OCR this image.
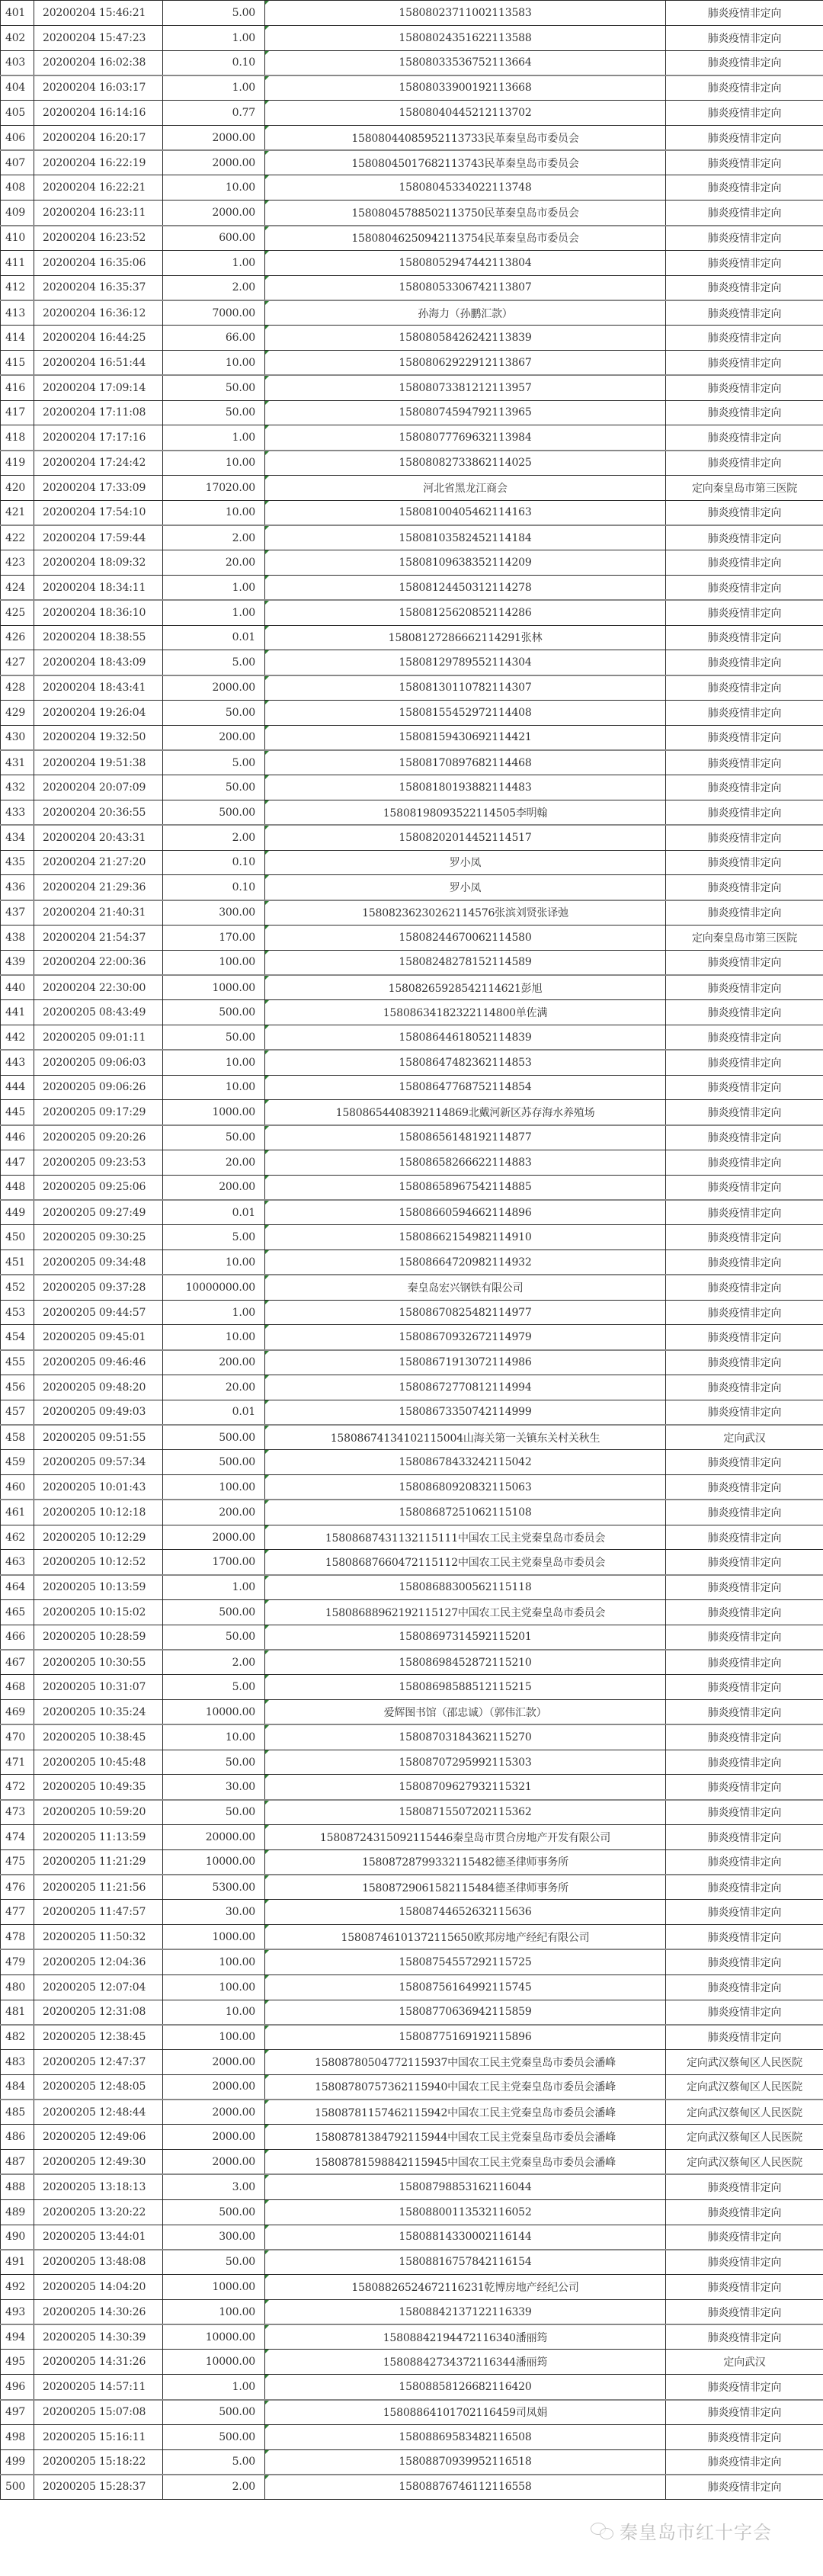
401	20200204 15:46:21	5.00	15808023711002113583	肺炎疫情非定向
402	20200204 15:47:23	1.00	15808024351622113588	肺炎疫情非定向
403	20200204 16:02:38	0.10	15808033536752113664	肺炎疫情非定向
404	20200204 16:03:17	1.00	15808033900192113668	肺炎疫情非定向
405	20200204 16:14:16	0.77	15808040445212113702	肺炎疫情非定向
406	20200204 16:20:17	2000.00	15808044085952113733民革秦皇岛市委员会	肺炎疫情非定向
407	20200204 16:22:19	2000.00	15808045017682113743民革秦皇岛市委员会	肺炎疫情非定向
408	20200204 16:22:21	10.00	15808045334022113748	肺炎疫情非定向
409	20200204 16:23:11	2000.00	15808045788502113750民革秦皇岛市委员会	肺炎疫情非定向
410	20200204 16:23:52	600.00	15808046250942113754民革秦皇岛市委员会	肺炎疫情非定向
411	20200204 16:35:06	1.00	15808052947442113804	肺炎疫情非定向
412	20200204 16:35:37	2.00	15808053306742113807	肺炎疫情非定向
413	20200204 16:36:12	7000.00	孙海力（孙鹏汇款）	肺炎疫情非定向
414	20200204 16:44:25	66.00	15808058426242113839	肺炎疫情非定向
415	20200204 16:51:44	10.00	15808062922912113867	肺炎疫情非定向
416	20200204 17:09:14	50.00	15808073381212113957	肺炎疫情非定向
417	20200204 17:11:08	50.00	15808074594792113965	肺炎疫情非定向
418	20200204 17:17:16	1.00	15808077769632113984	肺炎疫情非定向
419	20200204 17:24:42	10.00	15808082733862114025	肺炎疫情非定向
420	20200204 17:33:09	17020.00	河北省黑龙江商会	定向秦皇岛市第三医院
421	20200204 17:54:10	10.00	15808100405462114163	肺炎疫情非定向
422	20200204 17:59:44	2.00	15808103582452114184	肺炎疫情非定向
423	20200204 18:09:32	20.00	15808109638352114209	肺炎疫情非定向
424	20200204 18:34:11	1.00	15808124450312114278	肺炎疫情非定向
425	20200204 18:36:10	1.00	15808125620852114286	肺炎疫情非定向
426	20200204 18:38:55	0.01	15808127286662114291张林	肺炎疫情非定向
427	20200204 18:43:09	5.00	15808129789552114304	肺炎疫情非定向
428	20200204 18:43:41	2000.00	15808130110782114307	肺炎疫情非定向
429	20200204 19:26:04	50.00	15808155452972114408	肺炎疫情非定向
430	20200204 19:32:50	200.00	15808159430692114421	肺炎疫情非定向
431	20200204 19:51:38	5.00	15808170897682114468	肺炎疫情非定向
432	20200204 20:07:09	50.00	15808180193882114483	肺炎疫情非定向
433	20200204 20:36:55	500.00	15808198093522114505李明翰	肺炎疫情非定向
434	20200204 20:43:31	2.00	15808202014452114517	肺炎疫情非定向
435	20200204 21:27:20	0.10	罗小凤	肺炎疫情非定向
436	20200204 21:29:36	0.10	罗小凤	肺炎疫情非定向
437	20200204 21:40:31	300.00	15808236230262114576张滨刘贤张译弛	肺炎疫情非定向
438	20200204 21:54:37	170.00	15808244670062114580	定向秦皇岛市第三医院
439	20200204 22:00:36	100.00	15808248278152114589	肺炎疫情非定向
440	20200204 22:30:00	1000.00	15808265928542114621彭旭	肺炎疫情非定向
441	20200205 08:43:49	500.00	15808634182322114800单佐满	肺炎疫情非定向
442	20200205 09:01:11	50.00	15808644618052114839	肺炎疫情非定向
443	20200205 09:06:03	10.00	15808647482362114853	肺炎疫情非定向
444	20200205 09:06:26	10.00	15808647768752114854	肺炎疫情非定向
445	20200205 09:17:29	1000.00	15808654408392114869北戴河新区苏存海水养殖场	肺炎疫情非定向
446	20200205 09:20:26	50.00	15808656148192114877	肺炎疫情非定向
447	20200205 09:23:53	20.00	15808658266622114883	肺炎疫情非定向
448	20200205 09:25:06	200.00	15808658967542114885	肺炎疫情非定向
449	20200205 09:27:49	0.01	15808660594662114896	肺炎疫情非定向
450	20200205 09:30:25	5.00	15808662154982114910	肺炎疫情非定向
451	20200205 09:34:48	10.00	15808664720982114932	肺炎疫情非定向
452	20200205 09:37:28	10000000.00	秦皇岛宏兴钢铁有限公司	肺炎疫情非定向
453	20200205 09:44:57	1.00	15808670825482114977	肺炎疫情非定向
454	20200205 09:45:01	10.00	15808670932672114979	肺炎疫情非定向
455	20200205 09:46:46	200.00	15808671913072114986	肺炎疫情非定向
456	20200205 09:48:20	20.00	15808672770812114994	肺炎疫情非定向
457	20200205 09:49:03	0.01	15808673350742114999	肺炎疫情非定向
458	20200205 09:51:55	500.00	15808674134102115004山海关第一关镇东关村关秋生	定向武汉
459	20200205 09:57:34	500.00	15808678433242115042	肺炎疫情非定向
460	20200205 10:01:43	100.00	15808680920832115063	肺炎疫情非定向
461	20200205 10:12:18	200.00	15808687251062115108	肺炎疫情非定向
462	20200205 10:12:29	2000.00	15808687431132115111中国农工民主党秦皇岛市委员会	肺炎疫情非定向
463	20200205 10:12:52	1700.00	15808687660472115112中国农工民主党秦皇岛市委员会	肺炎疫情非定向
464	20200205 10:13:59	1.00	15808688300562115118	肺炎疫情非定向
465	20200205 10:15:02	500.00	15808688962192115127中国农工民主党秦皇岛市委员会	肺炎疫情非定向
466	20200205 10:28:59	50.00	15808697314592115201	肺炎疫情非定向
467	20200205 10:30:55	2.00	15808698452872115210	肺炎疫情非定向
468	20200205 10:31:07	5.00	15808698588512115215	肺炎疫情非定向
469	20200205 10:35:24	10000.00	爱辉图书馆（邵忠诚）（郭伟汇款）	肺炎疫情非定向
470	20200205 10:38:45	10.00	15808703184362115270	肺炎疫情非定向
471	20200205 10:45:48	50.00	15808707295992115303	肺炎疫情非定向
472	20200205 10:49:35	30.00	15808709627932115321	肺炎疫情非定向
473	20200205 10:59:20	50.00	15808715507202115362	肺炎疫情非定向
474	20200205 11:13:59	20000.00	15808724315092115446秦皇岛市贯合房地产开发有限公司	肺炎疫情非定向
475	20200205 11:21:29	10000.00	15808728799332115482德圣律师事务所	肺炎疫情非定向
476	20200205 11:21:56	5300.00	15808729061582115484德圣律师事务所	肺炎疫情非定向
477	20200205 11:47:57	30.00	15808744652632115636	肺炎疫情非定向
478	20200205 11:50:32	1000.00	15808746101372115650欧邦房地产经纪有限公司	肺炎疫情非定向
479	20200205 12:04:36	100.00	15808754557292115725	肺炎疫情非定向
480	20200205 12:07:04	100.00	15808756164992115745	肺炎疫情非定向
481	20200205 12:31:08	10.00	15808770636942115859	肺炎疫情非定向
482	20200205 12:38:45	100.00	15808775169192115896	肺炎疫情非定向
483	20200205 12:47:37	2000.00	15808780504772115937中国农工民主党秦皇岛市委员会潘峰	定向武汉蔡甸区人民医院
484	20200205 12:48:05	2000.00	15808780757362115940中国农工民主党秦皇岛市委员会潘峰	定向武汉蔡甸区人民医院
485	20200205 12:48:44	2000.00	15808781157462115942中国农工民主党秦皇岛市委员会潘峰	定向武汉蔡甸区人民医院
486	20200205 12:49:06	2000.00	15808781384792115944中国农工民主党秦皇岛市委员会潘峰	定向武汉蔡甸区人民医院
487	20200205 12:49:30	2000.00	15808781598842115945中国农工民主党秦皇岛市委员会潘峰	定向武汉蔡甸区人民医院
488	20200205 13:18:13	3.00	15808798853162116044	肺炎疫情非定向
489	20200205 13:20:22	500.00	15808800113532116052	肺炎疫情非定向
490	20200205 13:44:01	300.00	15808814330002116144	肺炎疫情非定向
491	20200205 13:48:08	50.00	15808816757842116154	肺炎疫情非定向
492	20200205 14:04:20	1000.00	15808826524672116231乾博房地产经纪公司	肺炎疫情非定向
493	20200205 14:30:26	100.00	15808842137122116339	肺炎疫情非定向
494	20200205 14:30:39	10000.00	15808842194472116340潘丽筠	肺炎疫情非定向
495	20200205 14:31:26	10000.00	15808842734372116344潘丽筠	定向武汉
496	20200205 14:57:11	1.00	15808858126682116420	肺炎疫情非定向
497	20200205 15:07:08	500.00	15808864101702116459司凤娟	肺炎疫情非定向
498	20200205 15:16:11	500.00	15808869583482116508	肺炎疫情非定向
499	20200205 15:18:22	5.00	15808870939952116518	肺炎疫情非定向
500	20200205 15:28:37	2.00	15808876746112116558	肺炎疫情非定向
秦皇岛市红十字会
